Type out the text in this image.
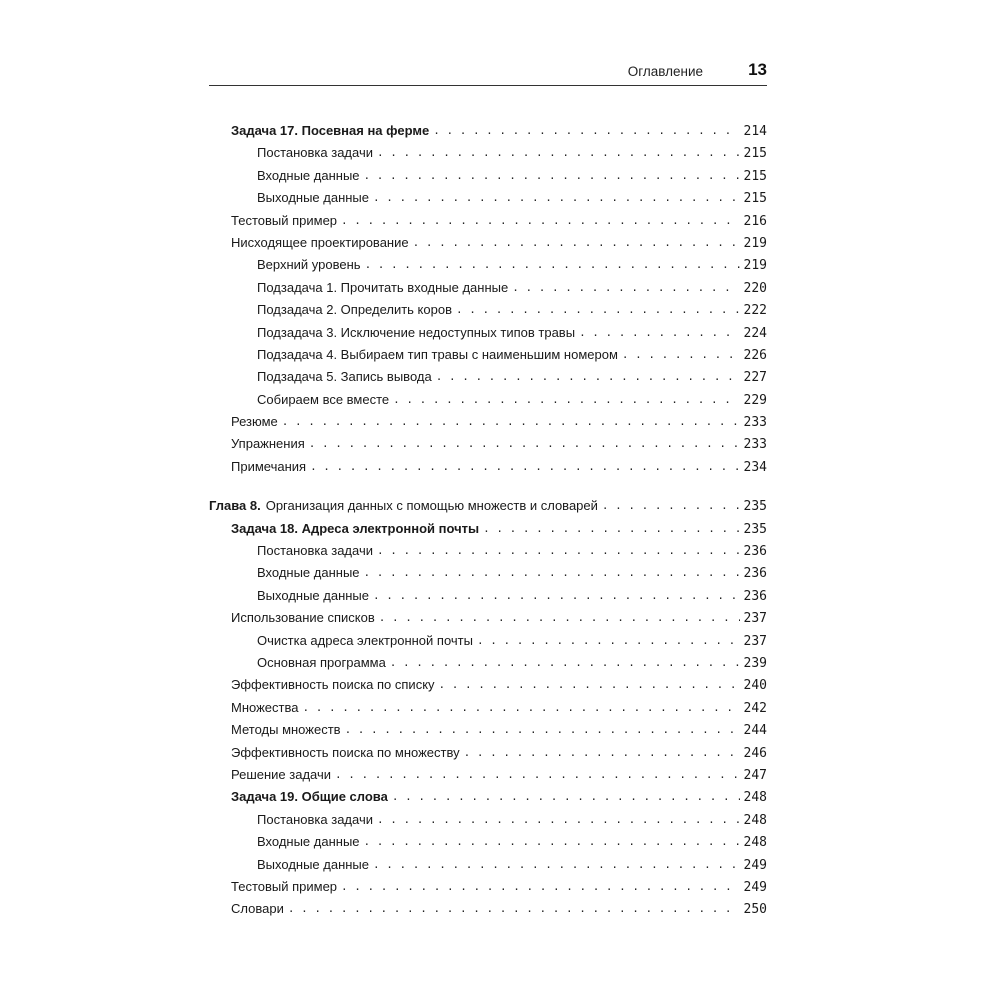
Оглавление	13
Задача 17. Посевная на ферме . . .	214
Постановка задачи . . .	215
Входные данные . . .	215
Выходные данные . . .	215
Тестовый пример . . .	216
Нисходящее проектирование . . .	219
Верхний уровень . . .	219
Подзадача 1. Прочитать входные данные . . .	220
Подзадача 2. Определить коров . . .	222
Подзадача 3. Исключение недоступных типов травы . . .	224
Подзадача 4. Выбираем тип травы с наименьшим номером . . .	226
Подзадача 5. Запись вывода . . .	227
Собираем все вместе . . .	229
Резюме . . .	233
Упражнения . . .	233
Примечания . . .	234
Глава 8. Организация данных с помощью множеств и словарей . . .	235
Задача 18. Адреса электронной почты . . .	235
Постановка задачи . . .	236
Входные данные . . .	236
Выходные данные . . .	236
Использование списков . . .	237
Очистка адреса электронной почты . . .	237
Основная программа . . .	239
Эффективность поиска по списку . . .	240
Множества . . .	242
Методы множеств . . .	244
Эффективность поиска по множеству . . .	246
Решение задачи . . .	247
Задача 19. Общие слова . . .	248
Постановка задачи . . .	248
Входные данные . . .	248
Выходные данные . . .	249
Тестовый пример . . .	249
Словари . . .	250
